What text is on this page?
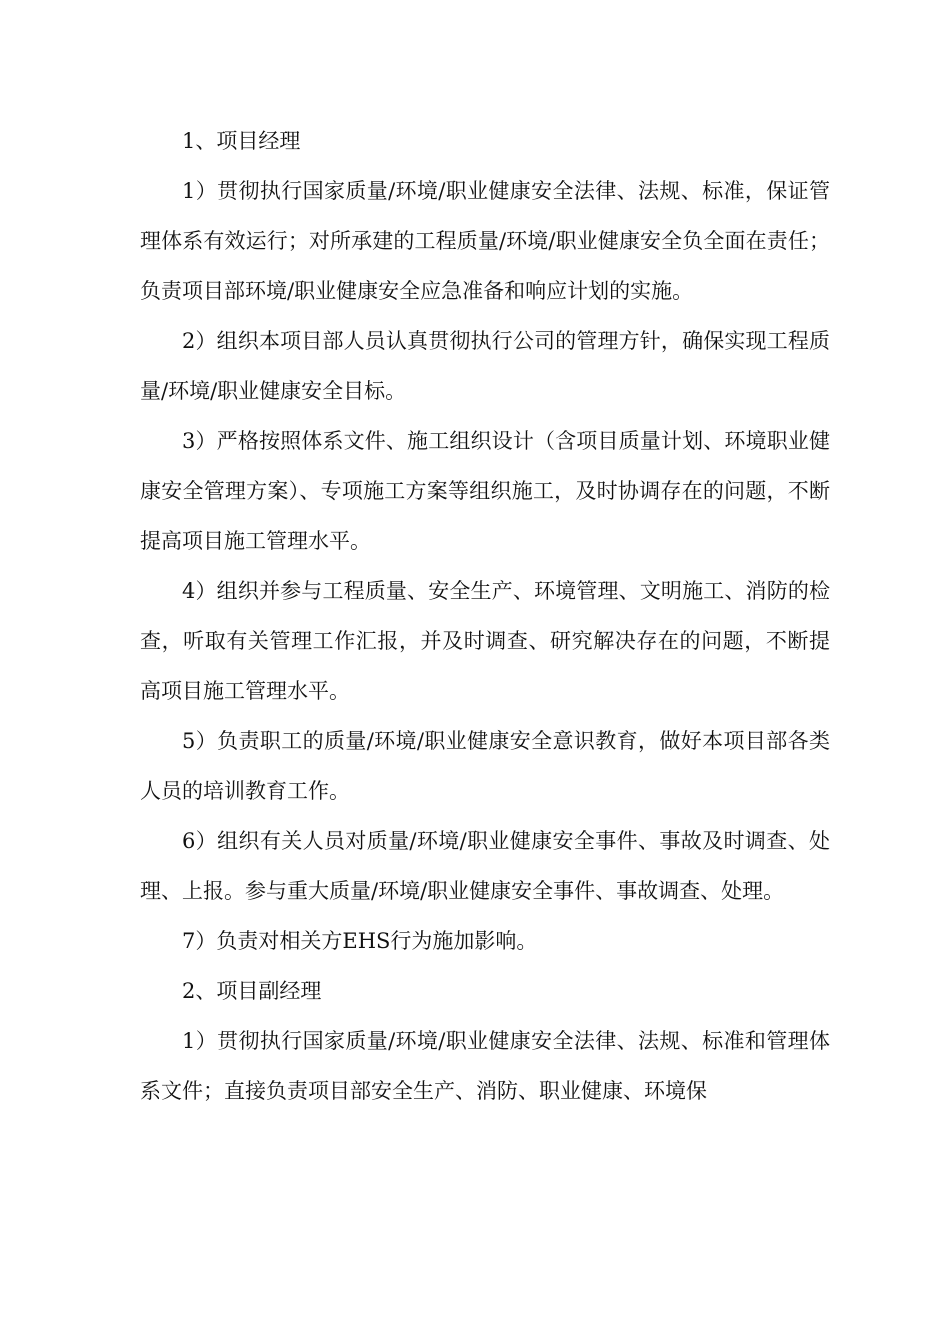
1、项目经理

1）贯彻执行国家质量/环境/职业健康安全法律、法规、标准，保证管理体系有效运行；对所承建的工程质量/环境/职业健康安全负全面在责任；负责项目部环境/职业健康安全应急准备和响应计划的实施。

2）组织本项目部人员认真贯彻执行公司的管理方针，确保实现工程质量/环境/职业健康安全目标。

3）严格按照体系文件、施工组织设计（含项目质量计划、环境职业健康安全管理方案）、专项施工方案等组织施工，及时协调存在的问题，不断提高项目施工管理水平。

4）组织并参与工程质量、安全生产、环境管理、文明施工、消防的检查，听取有关管理工作汇报，并及时调查、研究解决存在的问题，不断提高项目施工管理水平。

5）负责职工的质量/环境/职业健康安全意识教育，做好本项目部各类人员的培训教育工作。

6）组织有关人员对质量/环境/职业健康安全事件、事故及时调查、处理、上报。参与重大质量/环境/职业健康安全事件、事故调查、处理。

7）负责对相关方EHS行为施加影响。

2、项目副经理

1）贯彻执行国家质量/环境/职业健康安全法律、法规、标准和管理体系文件；直接负责项目部安全生产、消防、职业健康、环境保
